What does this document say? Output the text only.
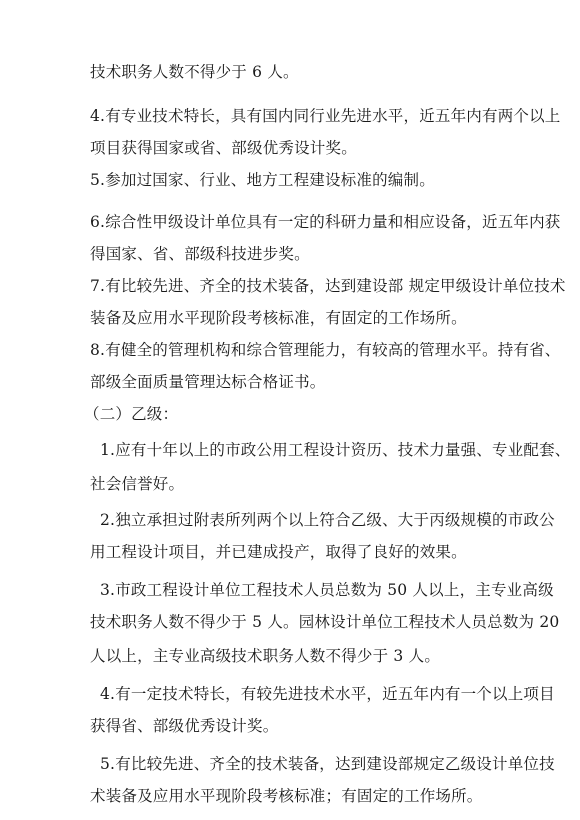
技术职务人数不得少于 6 人。
4.有专业技术特长，具有国内同行业先进水平，近五年内有两个以上
项目获得国家或省、部级优秀设计奖。
5.参加过国家、行业、地方工程建设标准的编制。
6.综合性甲级设计单位具有一定的科研力量和相应设备，近五年内获
得国家、省、部级科技进步奖。
7.有比较先进、齐全的技术装备，达到建设部 规定甲级设计单位技术
装备及应用水平现阶段考核标准，有固定的工作场所。
8.有健全的管理机构和综合管理能力，有较高的管理水平。持有省、
部级全面质量管理达标合格证书。
（二）乙级：
1.应有十年以上的市政公用工程设计资历、技术力量强、专业配套、
社会信誉好。
2.独立承担过附表所列两个以上符合乙级、大于丙级规模的市政公
用工程设计项目，并已建成投产，取得了良好的效果。
3.市政工程设计单位工程技术人员总数为 50 人以上，主专业高级
技术职务人数不得少于 5 人。园林设计单位工程技术人员总数为 20
人以上，主专业高级技术职务人数不得少于 3 人。
4.有一定技术特长，有较先进技术水平，近五年内有一个以上项目
获得省、部级优秀设计奖。
5.有比较先进、齐全的技术装备，达到建设部规定乙级设计单位技
术装备及应用水平现阶段考核标准；有固定的工作场所。
